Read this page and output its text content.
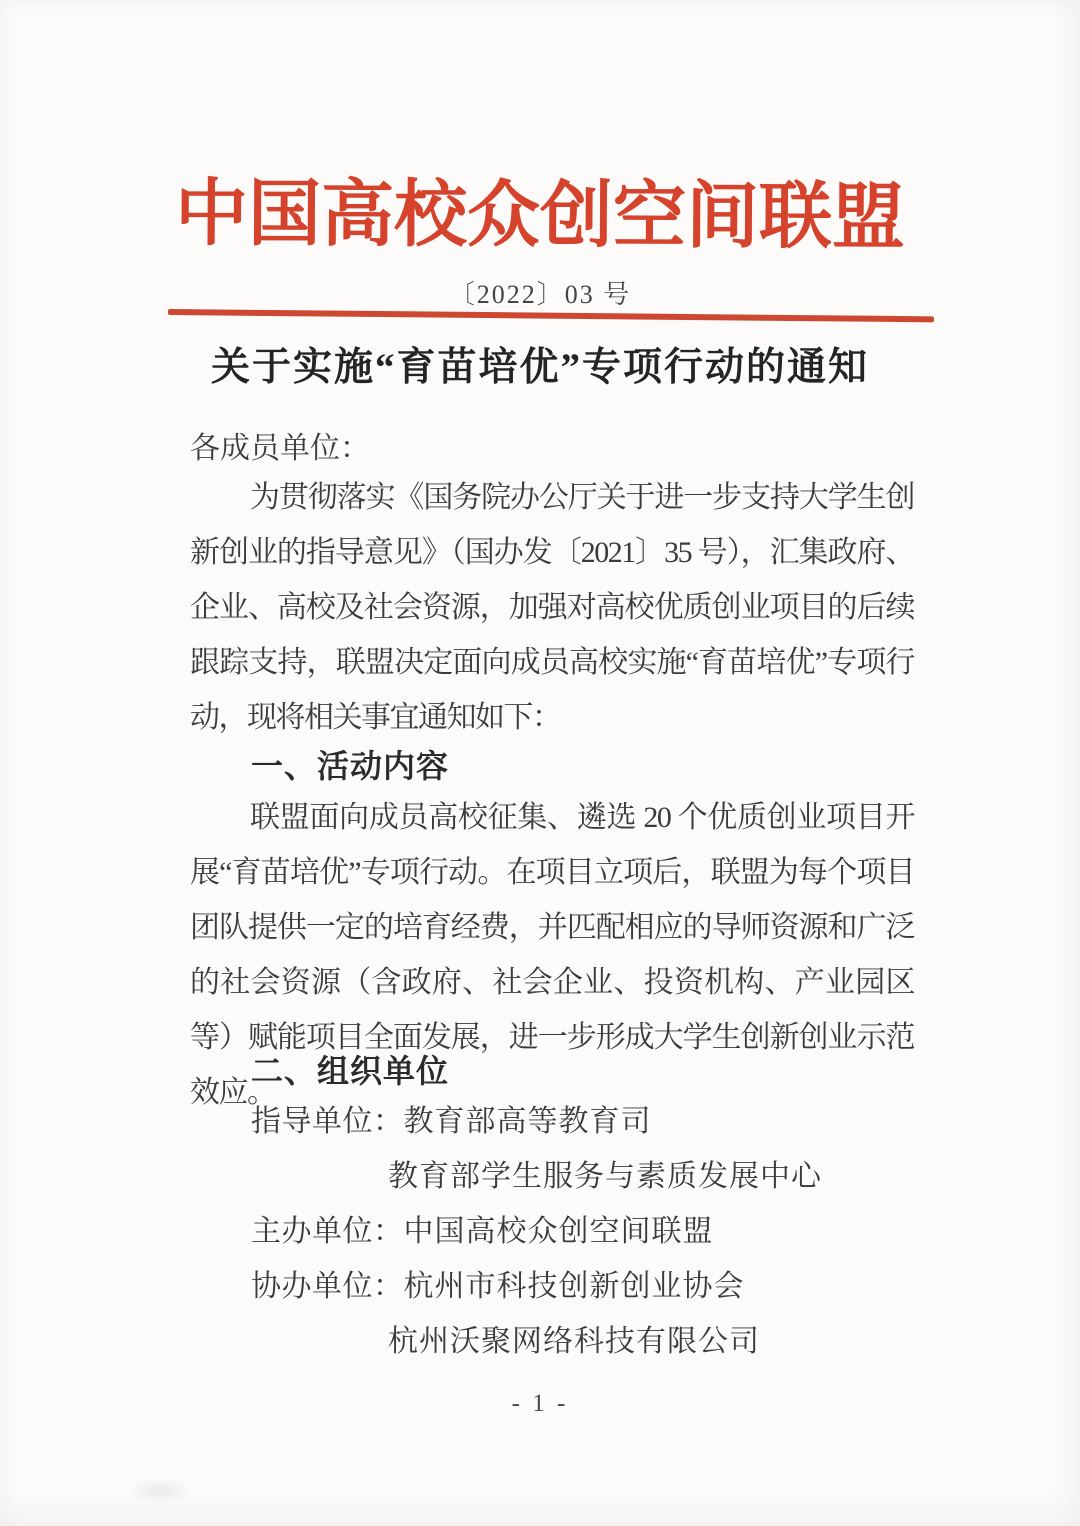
中国高校众创空间联盟
〔2022〕03 号
关于实施“育苗培优”专项行动的通知
各成员单位：
为贯彻落实《国务院办公厅关于进一步支持大学生创新创业的指导意见》（国办发〔2021〕35 号），汇集政府、企业、高校及社会资源，加强对高校优质创业项目的后续跟踪支持，联盟决定面向成员高校实施“育苗培优”专项行动，现将相关事宜通知如下：
一、活动内容
联盟面向成员高校征集、遴选 20 个优质创业项目开展“育苗培优”专项行动。在项目立项后，联盟为每个项目团队提供一定的培育经费，并匹配相应的导师资源和广泛的社会资源（含政府、社会企业、投资机构、产业园区等）赋能项目全面发展，进一步形成大学生创新创业示范效应。
二、组织单位
指导单位： 教育部高等教育司
教育部学生服务与素质发展中心
主办单位： 中国高校众创空间联盟
协办单位： 杭州市科技创新创业协会
杭州沃聚网络科技有限公司
- 1 -
